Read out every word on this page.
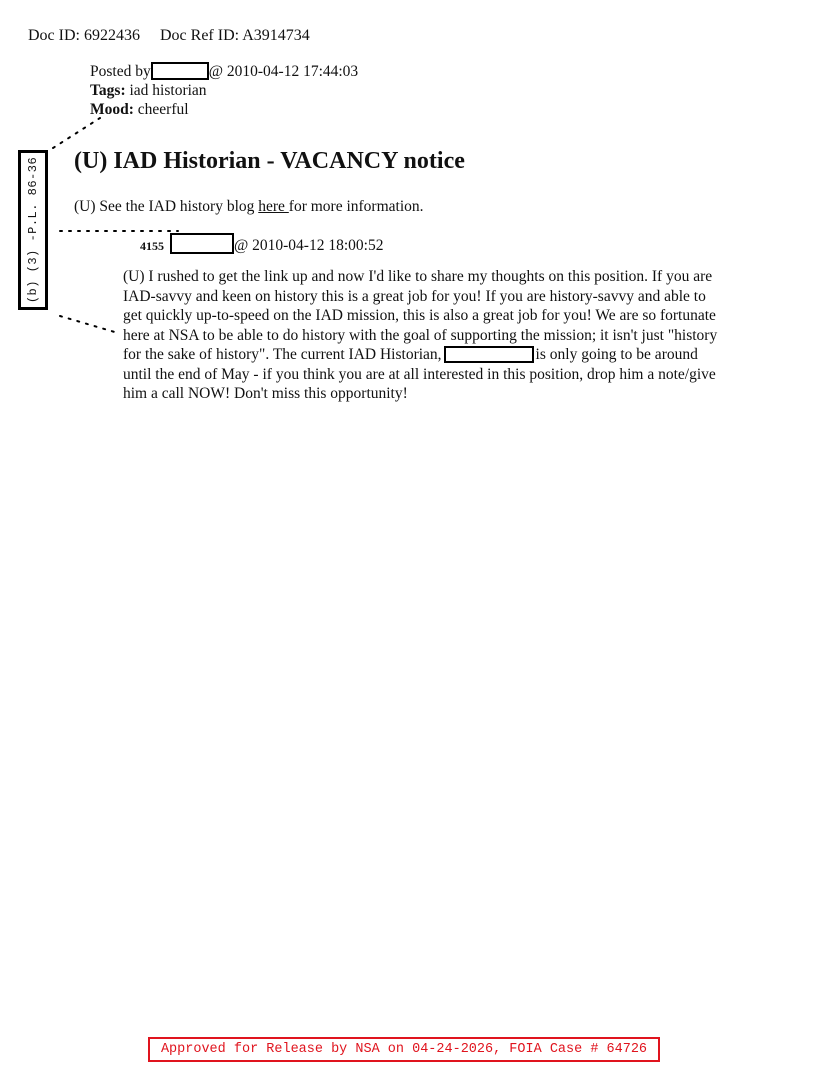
Doc ID: 6922436 Doc Ref ID: A3914734
Posted by	@ 2010-04-12 17:44:03
Tags: iad historian
Mood: cheerful
(b) (3) -P.L. 86-36 (U) IAD Historian - VACANCY notice
(U) See the IAD history blog here for more information.
4155	@ 2010-04-12 18:00:52
(U) I rushed to get the link up and now I'd like to share my thoughts on this position. If you are IAD-savvy and keen on history this is a great job for you! If you are history-savvy and able to get quickly up-to-speed on the IAD mission, this is also a great job for you! We are so fortunate here at NSA to be able to do history with the goal of supporting the mission; it isn't just "history for the sake of history". The current IAD Historian,	is only going to be around until the end of May - if you think you are at all interested in this position, drop him a note/give him a call NOW! Don't miss this opportunity!
Approved for Release by NSA on 04-24-2026, FOIA Case # 64726
